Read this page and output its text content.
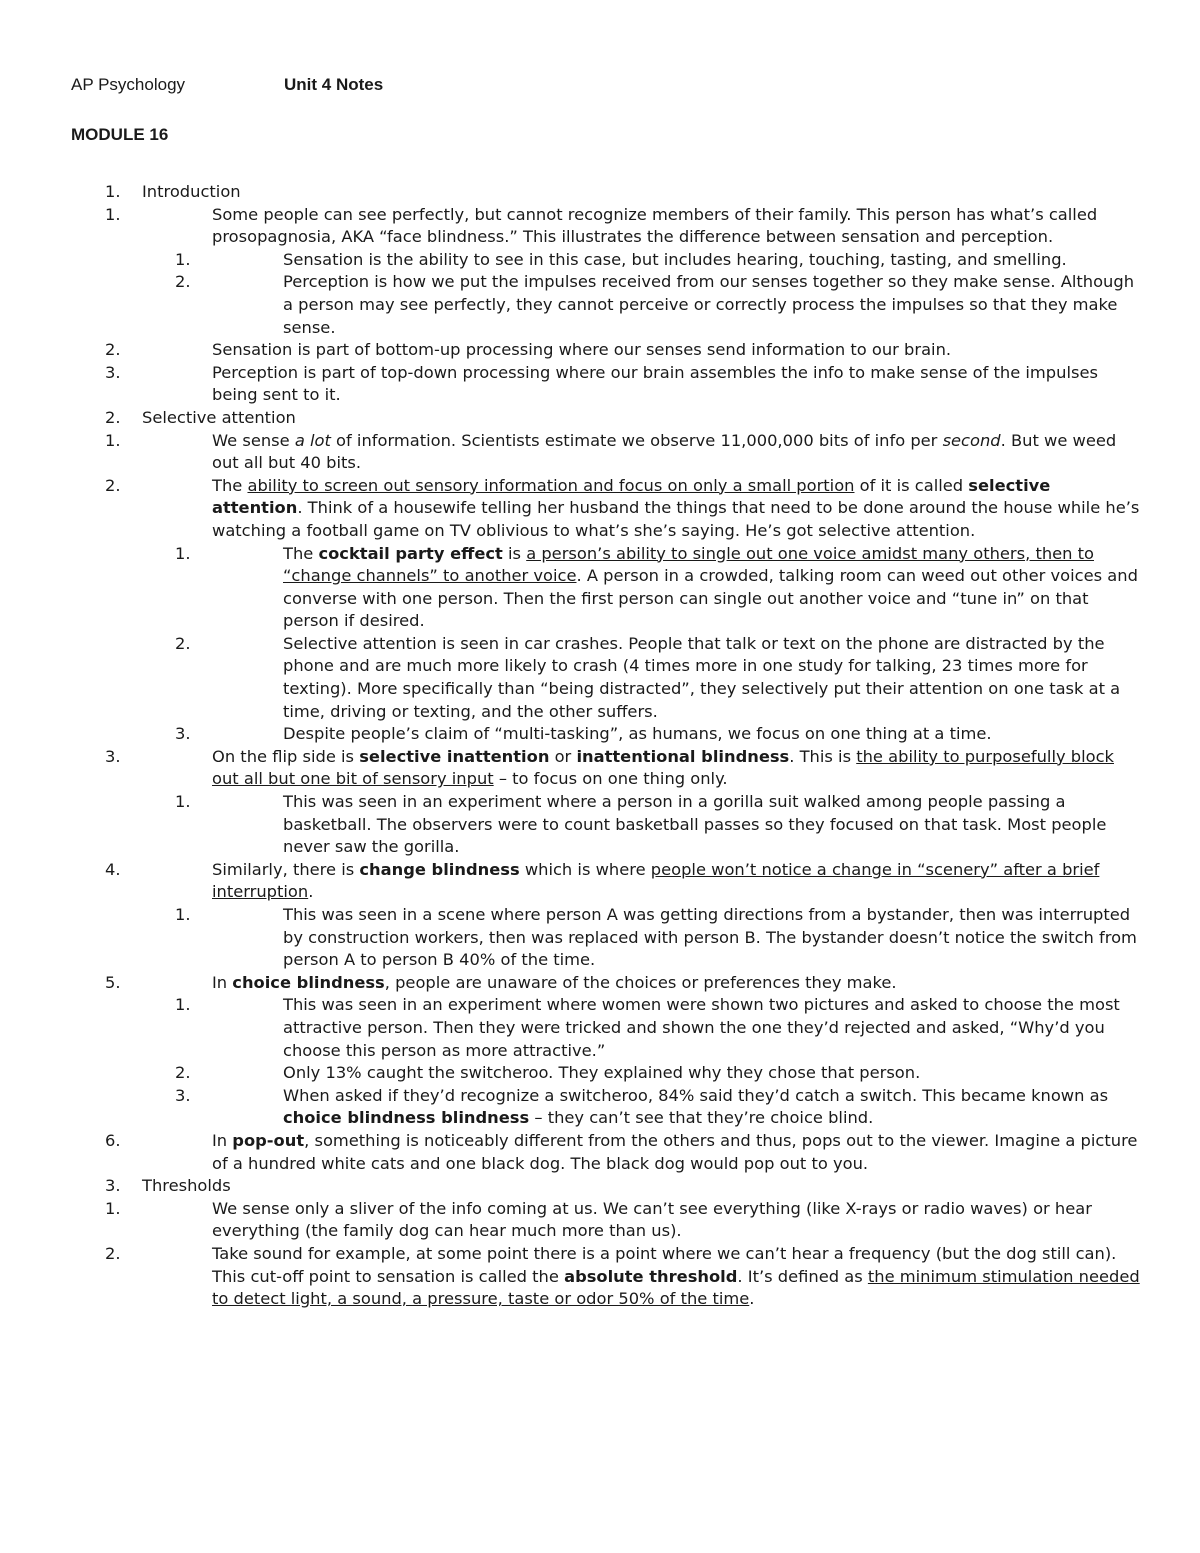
AP Psychology	Unit 4 Notes
MODULE 16
1. Introduction
1.	Some people can see perfectly, but cannot recognize members of their family. This person has what’s called prosopagnosia, AKA “face blindness.” This illustrates the difference between sensation and perception.
1.	Sensation is the ability to see in this case, but includes hearing, touching, tasting, and smelling.
2.	Perception is how we put the impulses received from our senses together so they make sense. Although a person may see perfectly, they cannot perceive or correctly process the impulses so that they make sense.
2.	Sensation is part of bottom-up processing where our senses send information to our brain.
3.	Perception is part of top-down processing where our brain assembles the info to make sense of the impulses being sent to it.
2. Selective attention
1.	We sense a lot of information. Scientists estimate we observe 11,000,000 bits of info per second. But we weed out all but 40 bits.
2.	The ability to screen out sensory information and focus on only a small portion of it is called selective attention. Think of a housewife telling her husband the things that need to be done around the house while he’s watching a football game on TV oblivious to what’s she’s saying. He’s got selective attention.
1.	The cocktail party effect is a person’s ability to single out one voice amidst many others, then to “change channels” to another voice. A person in a crowded, talking room can weed out other voices and converse with one person. Then the first person can single out another voice and “tune in” on that person if desired.
2.	Selective attention is seen in car crashes. People that talk or text on the phone are distracted by the phone and are much more likely to crash (4 times more in one study for talking, 23 times more for texting). More specifically than “being distracted”, they selectively put their attention on one task at a time, driving or texting, and the other suffers.
3.	Despite people’s claim of “multi-tasking”, as humans, we focus on one thing at a time.
3.	On the flip side is selective inattention or inattentional blindness. This is the ability to purposefully block out all but one bit of sensory input – to focus on one thing only.
1.	This was seen in an experiment where a person in a gorilla suit walked among people passing a basketball. The observers were to count basketball passes so they focused on that task. Most people never saw the gorilla.
4.	Similarly, there is change blindness which is where people won’t notice a change in “scenery” after a brief interruption.
1.	This was seen in a scene where person A was getting directions from a bystander, then was interrupted by construction workers, then was replaced with person B. The bystander doesn’t notice the switch from person A to person B 40% of the time.
5.	In choice blindness, people are unaware of the choices or preferences they make.
1.	This was seen in an experiment where women were shown two pictures and asked to choose the most attractive person. Then they were tricked and shown the one they’d rejected and asked, “Why’d you choose this person as more attractive.”
2.	Only 13% caught the switcheroo. They explained why they chose that person.
3.	When asked if they’d recognize a switcheroo, 84% said they’d catch a switch. This became known as choice blindness blindness – they can’t see that they’re choice blind.
6.	In pop-out, something is noticeably different from the others and thus, pops out to the viewer. Imagine a picture of a hundred white cats and one black dog. The black dog would pop out to you.
3. Thresholds
1.	We sense only a sliver of the info coming at us. We can’t see everything (like X-rays or radio waves) or hear everything (the family dog can hear much more than us).
2.	Take sound for example, at some point there is a point where we can’t hear a frequency (but the dog still can). This cut-off point to sensation is called the absolute threshold. It’s defined as the minimum stimulation needed to detect light, a sound, a pressure, taste or odor 50% of the time.
